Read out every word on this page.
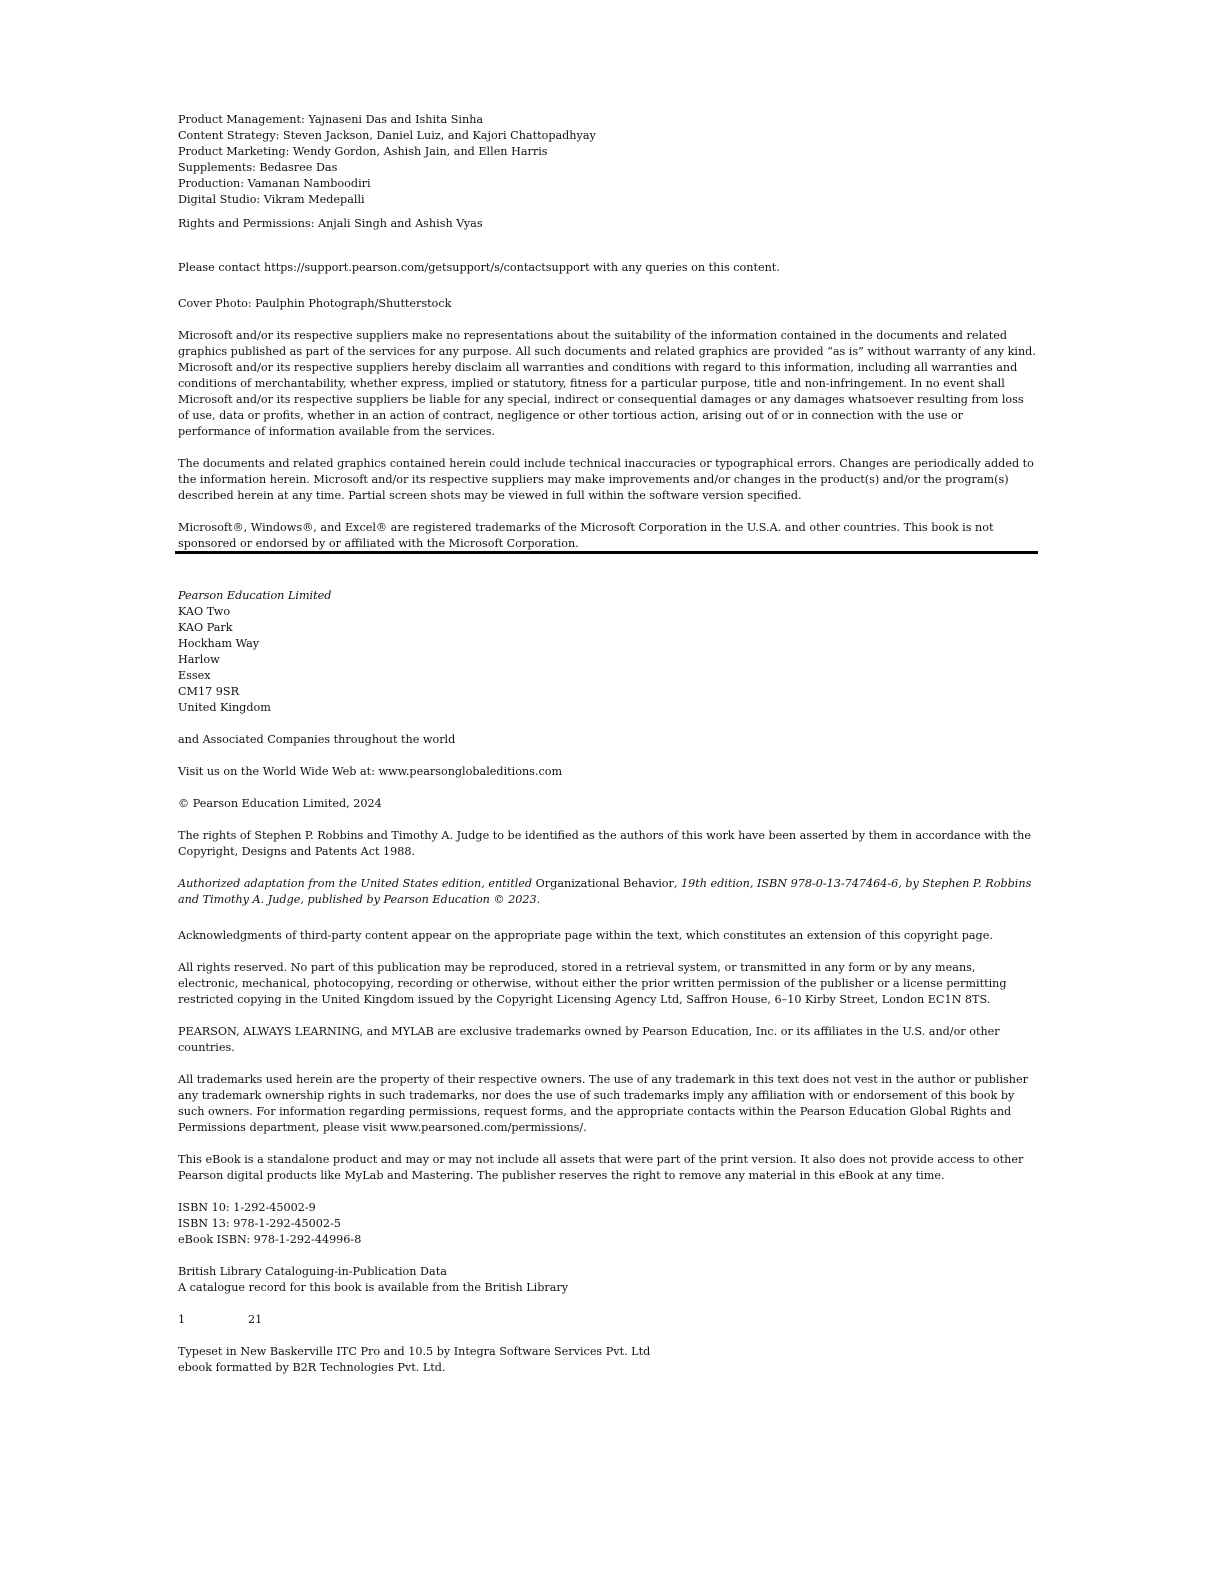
Product Management: Yajnaseni Das and Ishita Sinha
Content Strategy: Steven Jackson, Daniel Luiz, and Kajori Chattopadhyay
Product Marketing: Wendy Gordon, Ashish Jain, and Ellen Harris
Supplements: Bedasree Das
Production: Vamanan Namboodiri
Digital Studio: Vikram Medepalli
Rights and Permissions: Anjali Singh and Ashish Vyas
Please contact https://support.pearson.com/getsupport/s/contactsupport with any queries on this content.
Cover Photo: Paulphin Photograph/Shutterstock

Microsoft and/or its respective suppliers make no representations about the suitability of the information contained in the documents and related graphics published as part of the services for any purpose. All such documents and related graphics are provided “as is” without warranty of any kind. Microsoft and/or its respective suppliers hereby disclaim all warranties and conditions with regard to this information, including all warranties and conditions of merchantability, whether express, implied or statutory, fitness for a particular purpose, title and non-infringement. In no event shall Microsoft and/or its respective suppliers be liable for any special, indirect or consequential damages or any damages whatsoever resulting from loss of use, data or profits, whether in an action of contract, negligence or other tortious action, arising out of or in connection with the use or performance of information available from the services.

The documents and related graphics contained herein could include technical inaccuracies or typographical errors. Changes are periodically added to the information herein. Microsoft and/or its respective suppliers may make improvements and/or changes in the product(s) and/or the program(s) described herein at any time. Partial screen shots may be viewed in full within the software version specified.

Microsoft®, Windows®, and Excel® are registered trademarks of the Microsoft Corporation in the U.S.A. and other countries. This book is not sponsored or endorsed by or affiliated with the Microsoft Corporation.

Pearson Education Limited
KAO Two
KAO Park
Hockham Way
Harlow
Essex
CM17 9SR
United Kingdom
and Associated Companies throughout the world
Visit us on the World Wide Web at: www.pearsonglobaleditions.com
© Pearson Education Limited, 2024

The rights of Stephen P. Robbins and Timothy A. Judge to be identified as the authors of this work have been asserted by them in accordance with the Copyright, Designs and Patents Act 1988.

Authorized adaptation from the United States edition, entitled Organizational Behavior, 19th edition, ISBN 978-0-13-747464-6, by Stephen P. Robbins and Timothy A. Judge, published by Pearson Education © 2023.

Acknowledgments of third-party content appear on the appropriate page within the text, which constitutes an extension of this copyright page.

All rights reserved. No part of this publication may be reproduced, stored in a retrieval system, or transmitted in any form or by any means, electronic, mechanical, photocopying, recording or otherwise, without either the prior written permission of the publisher or a license permitting restricted copying in the United Kingdom issued by the Copyright Licensing Agency Ltd, Saffron House, 6–10 Kirby Street, London EC1N 8TS.

PEARSON, ALWAYS LEARNING, and MYLAB are exclusive trademarks owned by Pearson Education, Inc. or its affiliates in the U.S. and/or other countries.

All trademarks used herein are the property of their respective owners. The use of any trademark in this text does not vest in the author or publisher any trademark ownership rights in such trademarks, nor does the use of such trademarks imply any affiliation with or endorsement of this book by such owners. For information regarding permissions, request forms, and the appropriate contacts within the Pearson Education Global Rights and Permissions department, please visit www.pearsoned.com/permissions/.

This eBook is a standalone product and may or may not include all assets that were part of the print version. It also does not provide access to other Pearson digital products like MyLab and Mastering. The publisher reserves the right to remove any material in this eBook at any time.

ISBN 10: 1-292-45002-9
ISBN 13: 978-1-292-45002-5
eBook ISBN: 978-1-292-44996-8
British Library Cataloguing-in-Publication Data
A catalogue record for this book is available from the British Library
1	21
Typeset in New Baskerville ITC Pro and 10.5 by Integra Software Services Pvt. Ltd
ebook formatted by B2R Technologies Pvt. Ltd.
